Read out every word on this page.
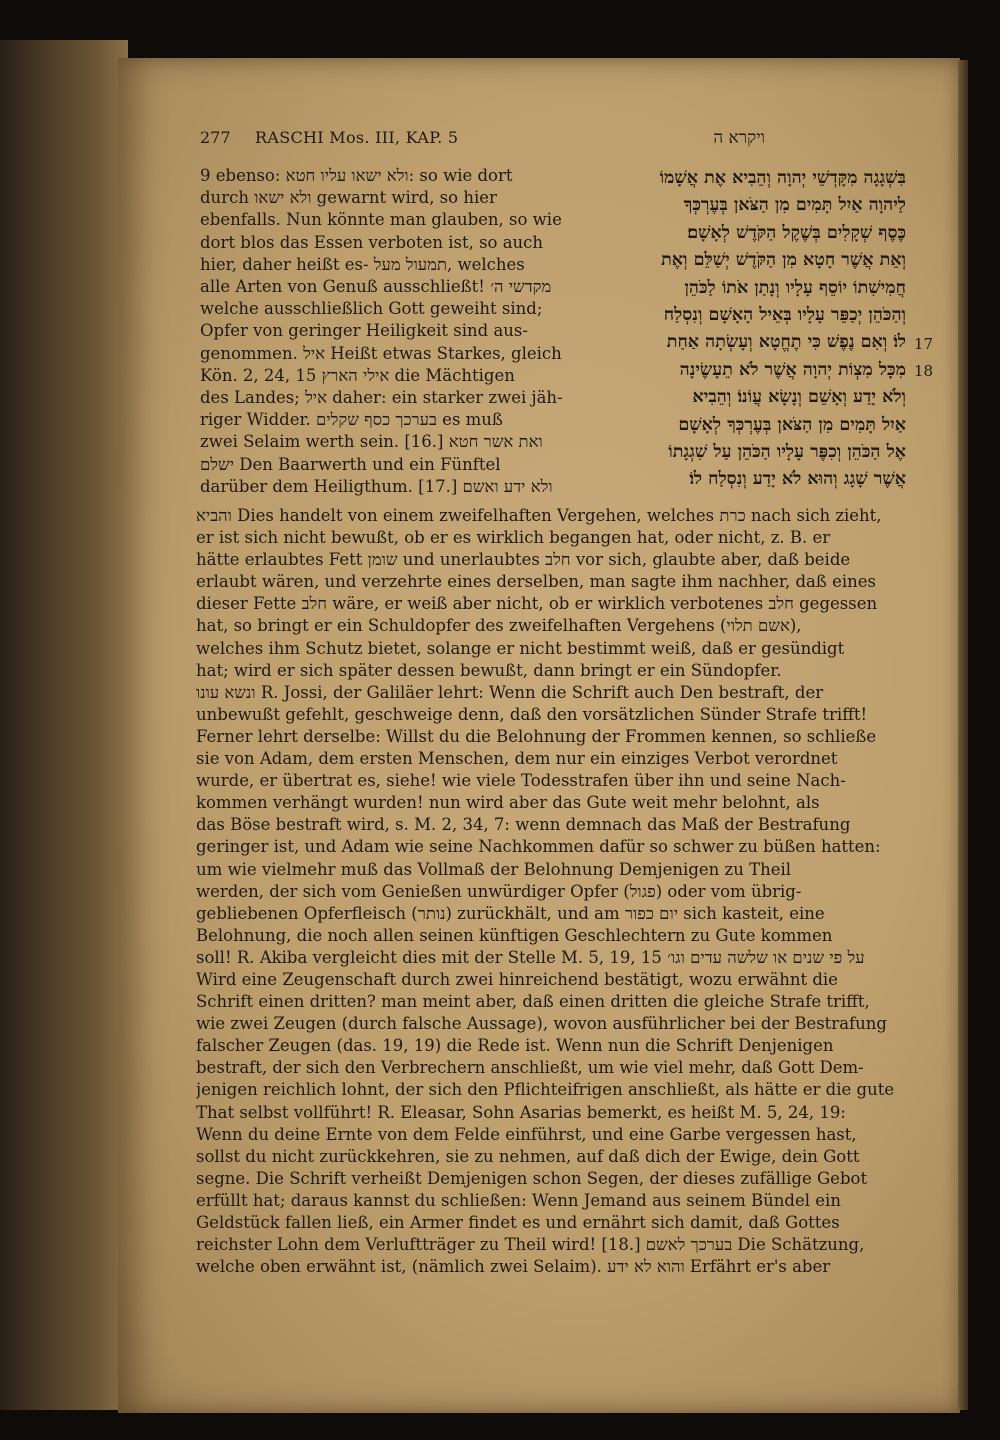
277 RASCHI Mos. III, KAP. 5	ויקרא ה
9 ebenso: ולא ישאו עליו חטא: so wie dort
durch ולא ישאו gewarnt wird, so hier
ebenfalls. Nun könnte man glauben, so wie
dort blos das Essen verboten ist, so auch
hier, daher heißt es- תמעול מעל, welches
alle Arten von Genuß ausschließt! מקדשי ה׳
welche ausschließlich Gott geweiht sind;
Opfer von geringer Heiligkeit sind aus-
genommen. איל Heißt etwas Starkes, gleich
Kön. 2, 24, 15 אילי הארץ die Mächtigen
des Landes; איל daher: ein starker zwei jäh-
riger Widder. בערכך כסף שקלים es muß
zwei Selaim werth sein. [16.] ואת אשר חטא
ישלם Den Baarwerth und ein Fünftel
darüber dem Heiligthum. [17.] ולא ידע ואשם
בִּשְׁגָגָה מִקָּדְשֵׁי יְהוָה וְהֵבִיא אֶת אֲשָׁמוֹ
לַיהוָה אַיִל תָּמִים מִן הַצֹּאן בְּעֶרְכְּךָ
כֶּסֶף שְׁקָלִים בְּשֶׁקֶל הַקֹּדֶשׁ לְאָשָׁם׃
וְאֵת אֲשֶׁר חָטָא מִן הַקֹּדֶשׁ יְשַׁלֵּם וְאֶת
חֲמִישִׁתוֹ יוֹסֵף עָלָיו וְנָתַן אֹתוֹ לַכֹּהֵן
וְהַכֹּהֵן יְכַפֵּר עָלָיו בְּאֵיל הָאָשָׁם וְנִסְלַח
לוֹ׃ וְאִם נֶפֶשׁ כִּי תֶחֱטָא וְעָשְׂתָה אַחַת
מִכָּל מִצְוֹת יְהוָה אֲשֶׁר לֹא תֵעָשֶׂינָה
וְלֹא יָדַע וְאָשֵׁם וְנָשָׂא עֲוֹנוֹ׃ וְהֵבִיא
אַיִל תָּמִים מִן הַצֹּאן בְּעֶרְכְּךָ לְאָשָׁם
אֶל הַכֹּהֵן וְכִפֶּר עָלָיו הַכֹּהֵן עַל שִׁגְגָתוֹ
אֲשֶׁר שָׁגָג וְהוּא לֹא יָדַע וְנִסְלַח לוֹ׃
17
18
והביא Dies handelt von einem zweifelhaften Vergehen, welches כרת nach sich zieht,
er ist sich nicht bewußt, ob er es wirklich begangen hat, oder nicht, z. B. er
hätte erlaubtes Fett שומן und unerlaubtes חלב vor sich, glaubte aber, daß beide
erlaubt wären, und verzehrte eines derselben, man sagte ihm nachher, daß eines
dieser Fette חלב wäre, er weiß aber nicht, ob er wirklich verbotenes חלב gegessen
hat, so bringt er ein Schuldopfer des zweifelhaften Vergehens (אשם תלוי),
welches ihm Schutz bietet, solange er nicht bestimmt weiß, daß er gesündigt
hat; wird er sich später dessen bewußt, dann bringt er ein Sündopfer.
ונשא עונו R. Jossi, der Galiläer lehrt: Wenn die Schrift auch Den bestraft, der
unbewußt gefehlt, geschweige denn, daß den vorsätzlichen Sünder Strafe trifft!
Ferner lehrt derselbe: Willst du die Belohnung der Frommen kennen, so schließe
sie von Adam, dem ersten Menschen, dem nur ein einziges Verbot verordnet
wurde, er übertrat es, siehe! wie viele Todesstrafen über ihn und seine Nach-
kommen verhängt wurden! nun wird aber das Gute weit mehr belohnt, als
das Böse bestraft wird, s. M. 2, 34, 7: wenn demnach das Maß der Bestrafung
geringer ist, und Adam wie seine Nachkommen dafür so schwer zu büßen hatten:
um wie vielmehr muß das Vollmaß der Belohnung Demjenigen zu Theil
werden, der sich vom Genießen unwürdiger Opfer (פגול) oder vom übrig-
gebliebenen Opferfleisch (נותר) zurückhält, und am יום כפור sich kasteit, eine
Belohnung, die noch allen seinen künftigen Geschlechtern zu Gute kommen
soll! R. Akiba vergleicht dies mit der Stelle M. 5, 19, 15 על פי שנים או שלשה עדים וגו׳
Wird eine Zeugenschaft durch zwei hinreichend bestätigt, wozu erwähnt die
Schrift einen dritten? man meint aber, daß einen dritten die gleiche Strafe trifft,
wie zwei Zeugen (durch falsche Aussage), wovon ausführlicher bei der Bestrafung
falscher Zeugen (das. 19, 19) die Rede ist. Wenn nun die Schrift Denjenigen
bestraft, der sich den Verbrechern anschließt, um wie viel mehr, daß Gott Dem-
jenigen reichlich lohnt, der sich den Pflichteifrigen anschließt, als hätte er die gute
That selbst vollführt! R. Eleasar, Sohn Asarias bemerkt, es heißt M. 5, 24, 19:
Wenn du deine Ernte von dem Felde einführst, und eine Garbe vergessen hast,
sollst du nicht zurückkehren, sie zu nehmen, auf daß dich der Ewige, dein Gott
segne. Die Schrift verheißt Demjenigen schon Segen, der dieses zufällige Gebot
erfüllt hat; daraus kannst du schließen: Wenn Jemand aus seinem Bündel ein
Geldstück fallen ließ, ein Armer findet es und ernährt sich damit, daß Gottes
reichster Lohn dem Verluftträger zu Theil wird! [18.] בערכך לאשם Die Schätzung,
welche oben erwähnt ist, (nämlich zwei Selaim). והוא לא ידע Erfährt er's aber
